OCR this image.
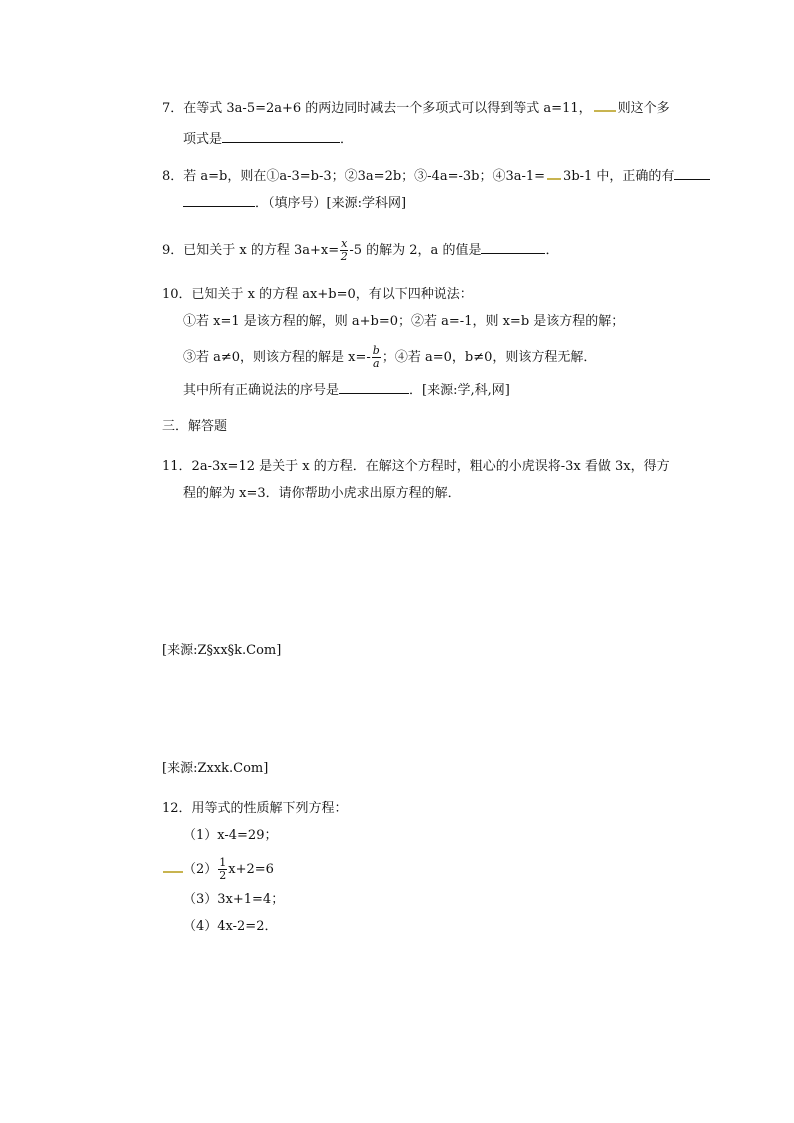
7．在等式 3a-5=2a+6 的两边同时减去一个多项式可以得到等式 a=11， 则这个多
项式是	．
8．若 a=b，则在①a-3=b-3；②3a=2b；③-4a=-3b；④3a-1= 3b-1 中，正确的有
．（填序号）[来源:学科网]
9．已知关于 x 的方程 $3a+x= \frac{x}{2} -5$ 的解为 2，a 的值是	．
10．已知关于 x 的方程 ax+b=0，有以下四种说法：
①若 x=1 是该方程的解，则 a+b=0；②若 a=-1，则 x=b 是该方程的解；
③若 a≠0，则该方程的解是 $x=- \frac{b}{a}$ ；④若 a=0，b≠0，则该方程无解．
其中所有正确说法的序号是	．[来源:学,科,网]
三．解答题
11．2a-3x=12 是关于 x 的方程．在解这个方程时，粗心的小虎误将-3x 看做 3x，得方
程的解为 x=3．请你帮助小虎求出原方程的解．
[来源:Z§xx§k.Com]
[来源:Zxxk.Com]
12．用等式的性质解下列方程：
（1）x-4=29；
$(2) \frac{1}{2} x+2=6$
（3）3x+1=4；
（4）4x-2=2．
